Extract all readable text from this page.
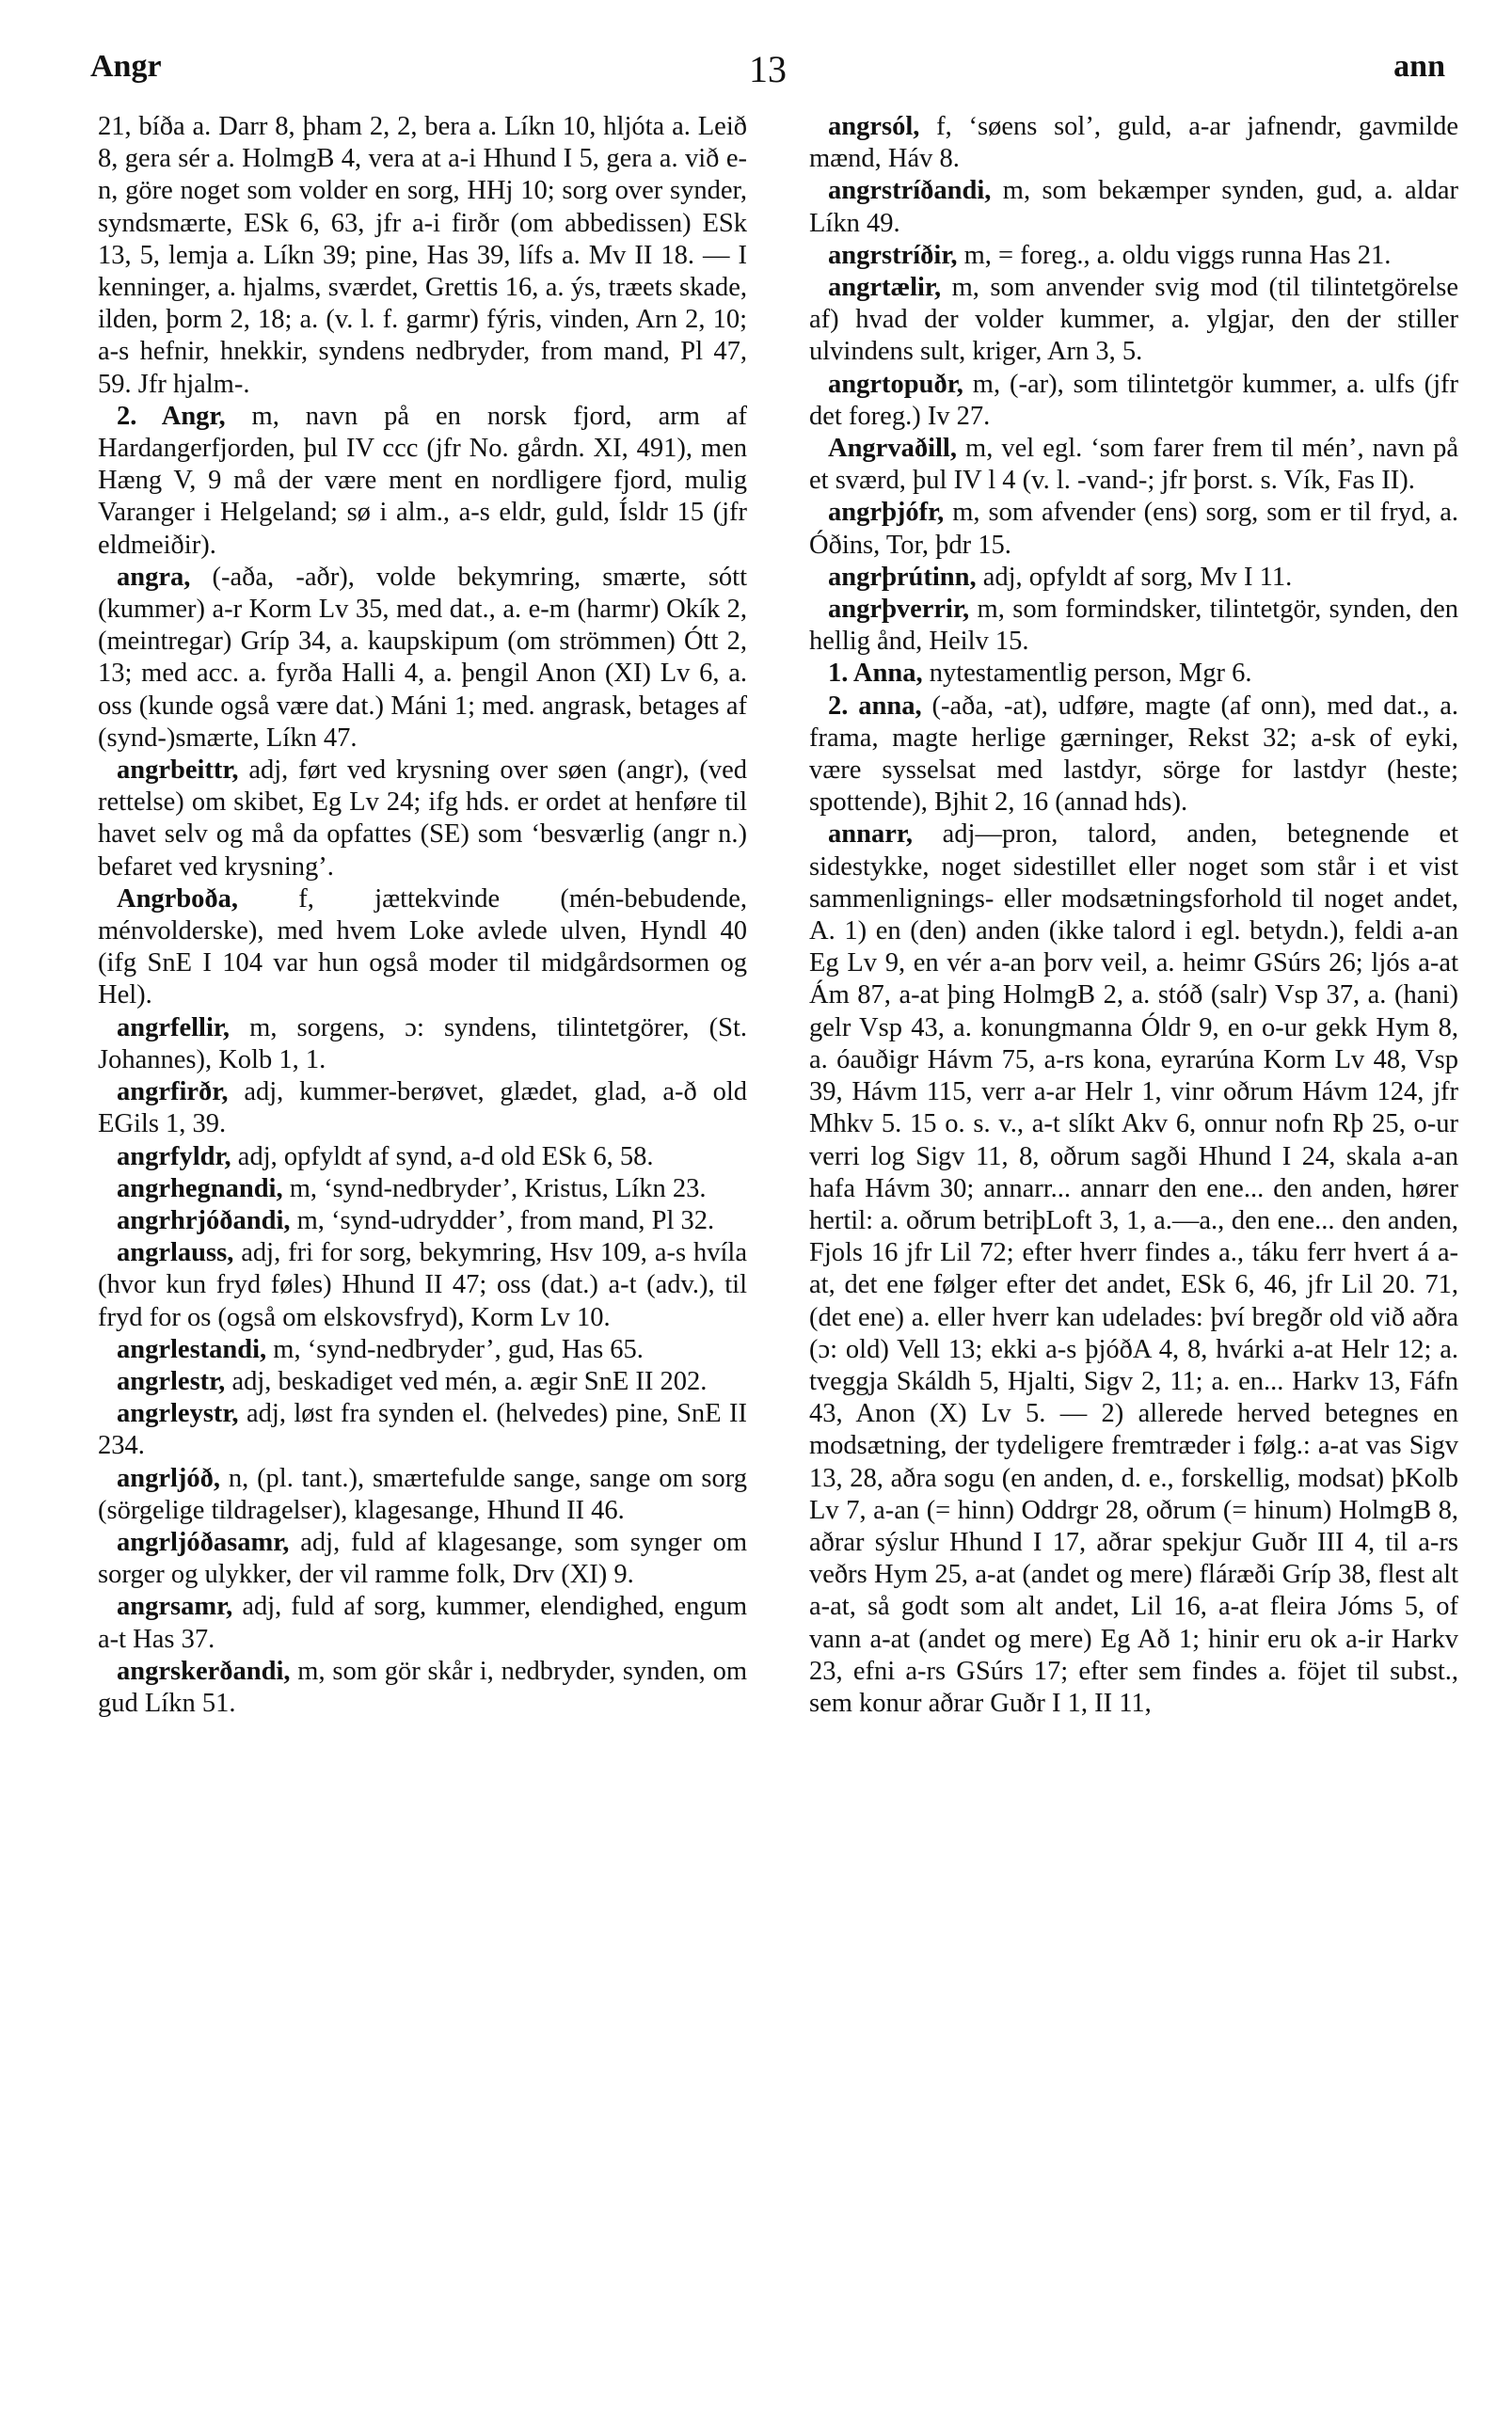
Angr	13	ann

21, bíða a. Darr 8, þham 2, 2, bera a. Líkn 10, hljóta a. Leið 8, gera sér a. HolmgB 4, vera at a-i Hhund I 5, gera a. við e-n, göre noget som volder en sorg, HHj 10; sorg over synder, syndsmærte, ESk 6, 63, jfr a-i firðr (om abbedissen) ESk 13, 5, lemja a. Líkn 39; pine, Has 39, lífs a. Mv II 18. — I kenninger, a. hjalms, sværdet, Grettis 16, a. ýs, træets skade, ilden, þorm 2, 18; a. (v. l. f. garmr) fýris, vinden, Arn 2, 10; a-s hefnir, hnekkir, syndens nedbryder, from mand, Pl 47, 59. Jfr hjalm-.

2. Angr, m, navn på en norsk fjord, arm af Hardangerfjorden, þul IV ccc (jfr No. gårdn. XI, 491), men Hæng V, 9 må der være ment en nordligere fjord, mulig Varanger i Helgeland; sø i alm., a-s eldr, guld, Ísldr 15 (jfr eldmeiðir).

angra, (-aða, -aðr), volde bekymring, smærte, sótt (kummer) a-r Korm Lv 35, med dat., a. e-m (harmr) Okík 2, (meintregar) Gríp 34, a. kaupskipum (om strömmen) Ótt 2, 13; med acc. a. fyrða Halli 4, a. þengil Anon (XI) Lv 6, a. oss (kunde også være dat.) Máni 1; med. angrask, betages af (synd-)smærte, Líkn 47.

angrbeittr, adj, ført ved krysning over søen (angr), (ved rettelse) om skibet, Eg Lv 24; ifg hds. er ordet at henføre til havet selv og må da opfattes (SE) som ‘besværlig (angr n.) befaret ved krysning’.

Angrboða, f, jættekvinde (mén-bebudende, ménvolderske), med hvem Loke avlede ulven, Hyndl 40 (ifg SnE I 104 var hun også moder til midgårdsormen og Hel).

angrfellir, m, sorgens, ɔ: syndens, tilintetgörer, (St. Johannes), Kolb 1, 1.

angrfirðr, adj, kummer-berøvet, glædet, glad, a-ð old EGils 1, 39.

angrfyldr, adj, opfyldt af synd, a-d old ESk 6, 58.

angrhegnandi, m, ‘synd-nedbryder’, Kristus, Líkn 23.

angrhrjóðandi, m, ‘synd-udrydder’, from mand, Pl 32.

angrlauss, adj, fri for sorg, bekymring, Hsv 109, a-s hvíla (hvor kun fryd føles) Hhund II 47; oss (dat.) a-t (adv.), til fryd for os (også om elskovsfryd), Korm Lv 10.

angrlestandi, m, ‘synd-nedbryder’, gud, Has 65.

angrlestr, adj, beskadiget ved mén, a. ægir SnE II 202.

angrleystr, adj, løst fra synden el. (helvedes) pine, SnE II 234.

angrljóð, n, (pl. tant.), smærtefulde sange, sange om sorg (sörgelige tildragelser), klagesange, Hhund II 46.

angrljóðasamr, adj, fuld af klagesange, som synger om sorger og ulykker, der vil ramme folk, Drv (XI) 9.

angrsamr, adj, fuld af sorg, kummer, elendighed, engum a-t Has 37.

angrskerðandi, m, som gör skår i, nedbryder, synden, om gud Líkn 51.

angrsól, f, ‘søens sol’, guld, a-ar jafnendr, gavmilde mænd, Háv 8.

angrstríðandi, m, som bekæmper synden, gud, a. aldar Líkn 49.

angrstríðir, m, = foreg., a. oldu viggs runna Has 21.

angrtælir, m, som anvender svig mod (til tilintetgörelse af) hvad der volder kummer, a. ylgjar, den der stiller ulvindens sult, kriger, Arn 3, 5.

angrtopuðr, m, (-ar), som tilintetgör kummer, a. ulfs (jfr det foreg.) Iv 27.

Angrvaðill, m, vel egl. ‘som farer frem til mén’, navn på et sværd, þul IV l 4 (v. l. -vand-; jfr þorst. s. Vík, Fas II).

angrþjófr, m, som afvender (ens) sorg, som er til fryd, a. Óðins, Tor, þdr 15.

angrþrútinn, adj, opfyldt af sorg, Mv I 11.

angrþverrir, m, som formindsker, tilintetgör, synden, den hellig ånd, Heilv 15.

1. Anna, nytestamentlig person, Mgr 6.

2. anna, (-aða, -at), udføre, magte (af onn), med dat., a. frama, magte herlige gærninger, Rekst 32; a-sk of eyki, være sysselsat med lastdyr, sörge for lastdyr (heste; spottende), Bjhit 2, 16 (annad hds).

annarr, adj—pron, talord, anden, betegnende et sidestykke, noget sidestillet eller noget som står i et vist sammenlignings- eller modsætningsforhold til noget andet, A. 1) en (den) anden (ikke talord i egl. betydn.), feldi a-an Eg Lv 9, en vér a-an þorv veil, a. heimr GSúrs 26; ljós a-at Ám 87, a-at þing HolmgB 2, a. stóð (salr) Vsp 37, a. (hani) gelr Vsp 43, a. konungmanna Óldr 9, en o-ur gekk Hym 8, a. óauðigr Hávm 75, a-rs kona, eyrarúna Korm Lv 48, Vsp 39, Hávm 115, verr a-ar Helr 1, vinr oðrum Hávm 124, jfr Mhkv 5. 15 o. s. v., a-t slíkt Akv 6, onnur nofn Rþ 25, o-ur verri log Sigv 11, 8, oðrum sagði Hhund I 24, skala a-an hafa Hávm 30; annarr... annarr den ene... den anden, hører hertil: a. oðrum betriþLoft 3, 1, a.—a., den ene... den anden, Fjols 16 jfr Lil 72; efter hverr findes a., táku ferr hvert á a-at, det ene følger efter det andet, ESk 6, 46, jfr Lil 20. 71, (det ene) a. eller hverr kan udelades: því bregðr old við aðra (ɔ: old) Vell 13; ekki a-s þjóðA 4, 8, hvárki a-at Helr 12; a. tveggja Skáldh 5, Hjalti, Sigv 2, 11; a. en... Harkv 13, Fáfn 43, Anon (X) Lv 5. — 2) allerede herved betegnes en modsætning, der tydeligere fremtræder i følg.: a-at vas Sigv 13, 28, aðra sogu (en anden, d. e., forskellig, modsat) þKolb Lv 7, a-an (= hinn) Oddrgr 28, oðrum (= hinum) HolmgB 8, aðrar sýslur Hhund I 17, aðrar spekjur Guðr III 4, til a-rs veðrs Hym 25, a-at (andet og mere) fláræði Gríp 38, flest alt a-at, så godt som alt andet, Lil 16, a-at fleira Jóms 5, of vann a-at (andet og mere) Eg Að 1; hinir eru ok a-ir Harkv 23, efni a-rs GSúrs 17; efter sem findes a. föjet til subst., sem konur aðrar Guðr I 1, II 11,
